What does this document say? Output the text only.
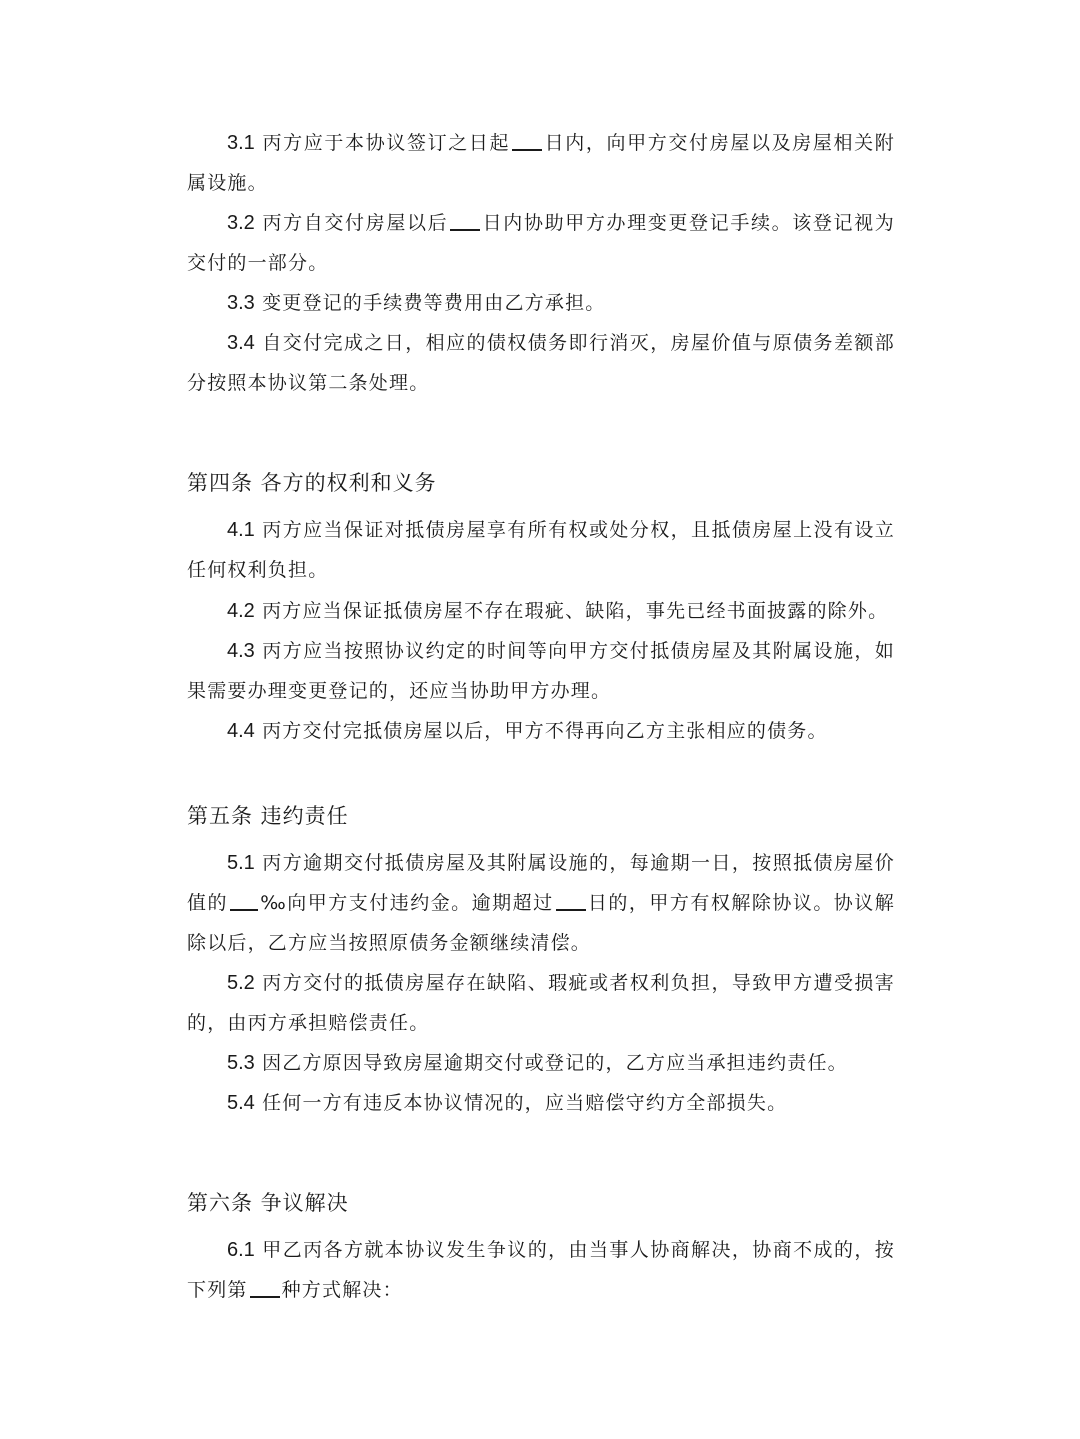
3.1 丙方应于本协议签订之日起 日内，向甲方交付房屋以及房屋相关附属设施。

3.2 丙方自交付房屋以后 日内协助甲方办理变更登记手续。该登记视为交付的一部分。

3.3 变更登记的手续费等费用由乙方承担。

3.4 自交付完成之日，相应的债权债务即行消灭，房屋价值与原债务差额部分按照本协议第二条处理。

第四条 各方的权利和义务

4.1 丙方应当保证对抵债房屋享有所有权或处分权，且抵债房屋上没有设立任何权利负担。

4.2 丙方应当保证抵债房屋不存在瑕疵、缺陷，事先已经书面披露的除外。

4.3 丙方应当按照协议约定的时间等向甲方交付抵债房屋及其附属设施，如果需要办理变更登记的，还应当协助甲方办理。

4.4 丙方交付完抵债房屋以后，甲方不得再向乙方主张相应的债务。

第五条 违约责任

5.1 丙方逾期交付抵债房屋及其附属设施的，每逾期一日，按照抵债房屋价值的 ‰向甲方支付违约金。逾期超过 日的，甲方有权解除协议。协议解除以后，乙方应当按照原债务金额继续清偿。

5.2 丙方交付的抵债房屋存在缺陷、瑕疵或者权利负担，导致甲方遭受损害的，由丙方承担赔偿责任。

5.3 因乙方原因导致房屋逾期交付或登记的，乙方应当承担违约责任。

5.4 任何一方有违反本协议情况的，应当赔偿守约方全部损失。

第六条 争议解决

6.1 甲乙丙各方就本协议发生争议的，由当事人协商解决，协商不成的，按下列第 种方式解决：
